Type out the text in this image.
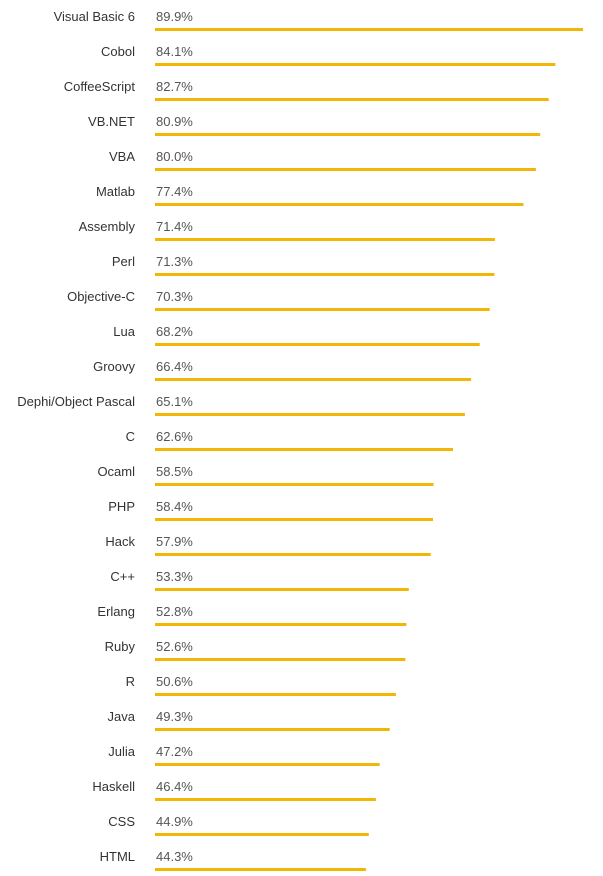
Visual Basic 6 89.9%
Cobol 84.1%
CoffeeScript 82.7%
VB.NET 80.9%
VBA 80.0%
Matlab 77.4%
Assembly 71.4%
Perl 71.3%
Objective-C 70.3%
Lua 68.2%
Groovy 66.4%
Dephi/Object Pascal 65.1%
C 62.6%
Ocaml 58.5%
PHP 58.4%
Hack 57.9%
C++ 53.3%
Erlang 52.8%
Ruby 52.6%
R 50.6%
Java 49.3%
Julia 47.2%
Haskell 46.4%
CSS 44.9%
HTML 44.3%
